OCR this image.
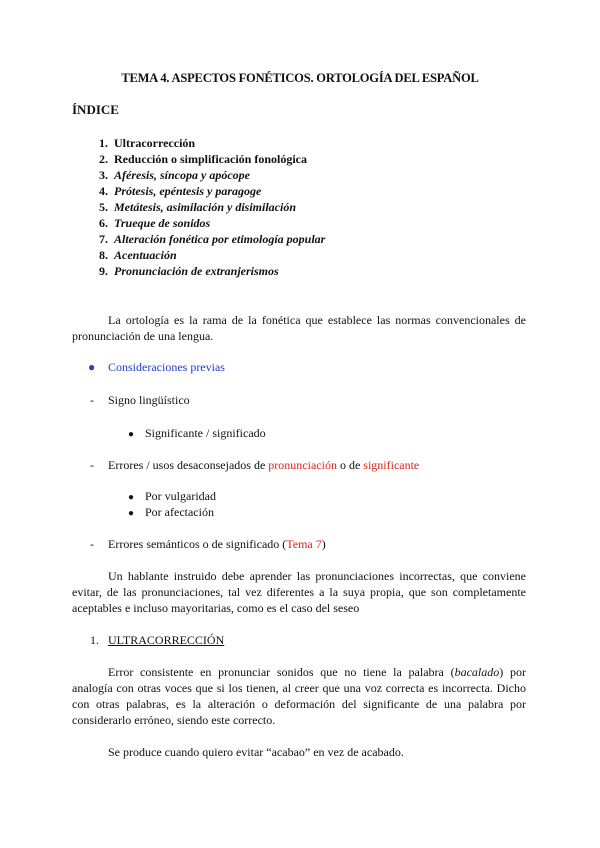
TEMA 4. ASPECTOS FONÉTICOS. ORTOLOGÍA DEL ESPAÑOL
ÍNDICE
1. Ultracorrección
2. Reducción o simplificación fonológica
3. Aféresis, síncopa y apócope
4. Prótesis, epéntesis y paragoge
5. Metátesis, asimilación y disimilación
6. Trueque de sonidos
7. Alteración fonética por etimología popular
8. Acentuación
9. Pronunciación de extranjerismos

La ortología es la rama de la fonética que establece las normas convencionales de pronunciación de una lengua.

● Consideraciones previas
- Signo lingüístico
● Significante / significado
- Errores / usos desaconsejados de pronunciación o de significante
● Por vulgaridad
● Por afectación
- Errores semánticos o de significado (Tema 7)

Un hablante instruido debe aprender las pronunciaciones incorrectas, que conviene evitar, de las pronunciaciones, tal vez diferentes a la suya propia, que son completamente aceptables e incluso mayoritarias, como es el caso del seseo

1. ULTRACORRECCIÓN

Error consistente en pronunciar sonidos que no tiene la palabra (bacalado) por analogía con otras voces que si los tienen, al creer que una voz correcta es incorrecta. Dicho con otras palabras, es la alteración o deformación del significante de una palabra por considerarlo erróneo, siendo este correcto.

Se produce cuando quiero evitar “acabao” en vez de acabado.
